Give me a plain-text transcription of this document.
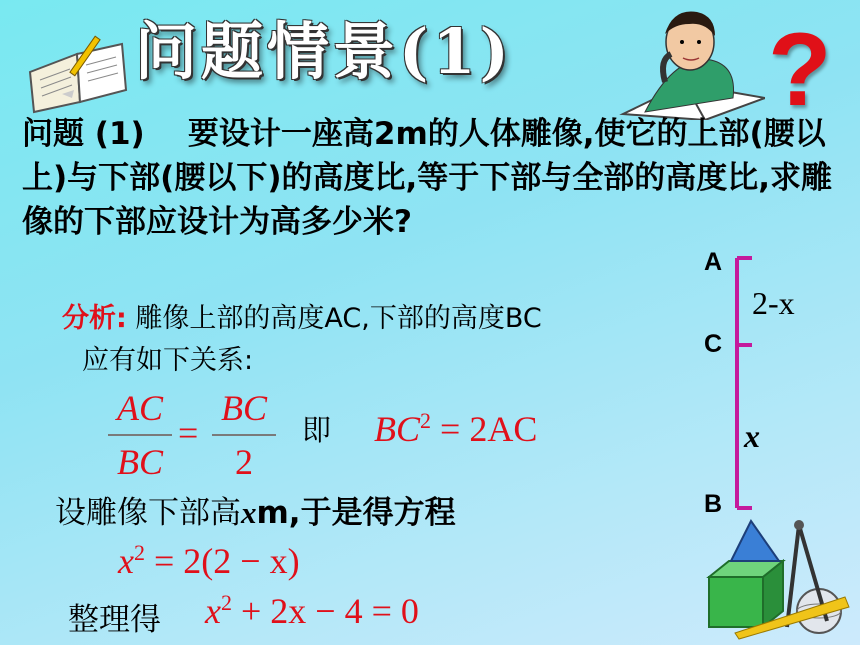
问题情景(1) ?
问题 (1) 要设计一座高2m的人体雕像,使它的上部(腰以上)与下部(腰以下)的高度比,等于下部与全部的高度比,求雕像的下部应设计为高多少米?
分析: 雕像上部的高度AC,下部的高度BC
应有如下关系:
AC
BC
=
BC
2
即 $BC^2 = 2AC$
设雕像下部高xm,于是得方程
$x^2 = 2(2 - x)$
整理得 $x^2 + 2x - 4 = 0$
A
C
B
2-x
x
